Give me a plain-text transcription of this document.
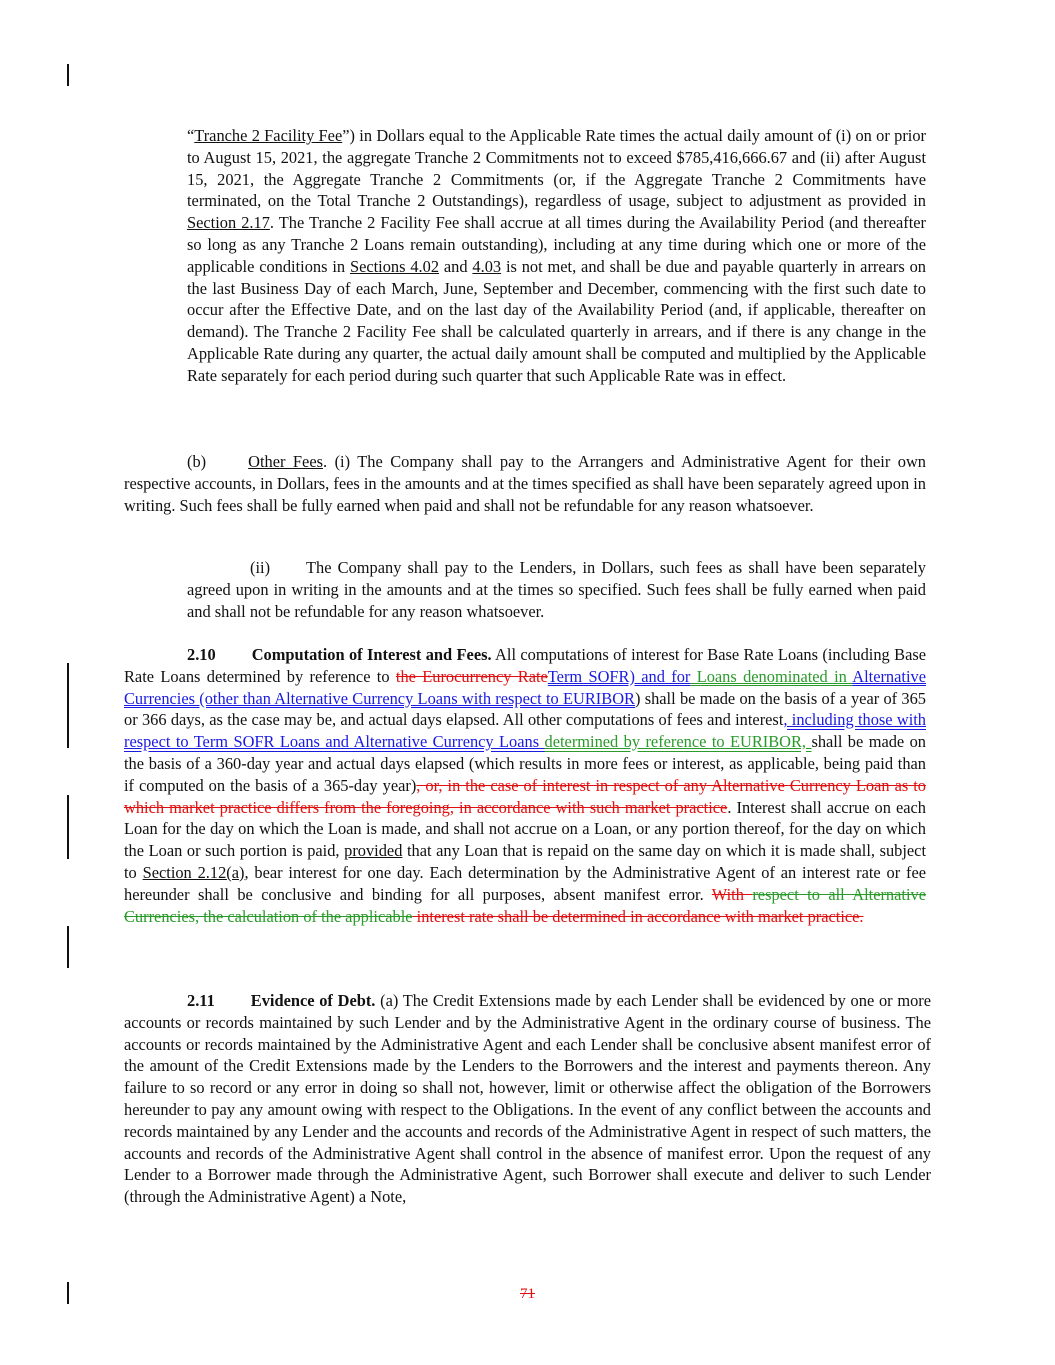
“Tranche 2 Facility Fee”) in Dollars equal to the Applicable Rate times the actual daily amount of (i) on or prior to August 15, 2021, the aggregate Tranche 2 Commitments not to exceed $785,416,666.67 and (ii) after August 15, 2021, the Aggregate Tranche 2 Commitments (or, if the Aggregate Tranche 2 Commitments have terminated, on the Total Tranche 2 Outstandings), regardless of usage, subject to adjustment as provided in Section 2.17. The Tranche 2 Facility Fee shall accrue at all times during the Availability Period (and thereafter so long as any Tranche 2 Loans remain outstanding), including at any time during which one or more of the applicable conditions in Sections 4.02 and 4.03 is not met, and shall be due and payable quarterly in arrears on the last Business Day of each March, June, September and December, commencing with the first such date to occur after the Effective Date, and on the last day of the Availability Period (and, if applicable, thereafter on demand). The Tranche 2 Facility Fee shall be calculated quarterly in arrears, and if there is any change in the Applicable Rate during any quarter, the actual daily amount shall be computed and multiplied by the Applicable Rate separately for each period during such quarter that such Applicable Rate was in effect.

(b)	Other Fees. (i) The Company shall pay to the Arrangers and Administrative Agent for their own respective accounts, in Dollars, fees in the amounts and at the times specified as shall have been separately agreed upon in writing. Such fees shall be fully earned when paid and shall not be refundable for any reason whatsoever.

(ii) The Company shall pay to the Lenders, in Dollars, such fees as shall have been separately agreed upon in writing in the amounts and at the times so specified. Such fees shall be fully earned when paid and shall not be refundable for any reason whatsoever.

2.10 Computation of Interest and Fees. All computations of interest for Base Rate Loans (including Base Rate Loans determined by reference to the Eurocurrency RateTerm SOFR) and for Loans denominated in Alternative Currencies (other than Alternative Currency Loans with respect to EURIBOR) shall be made on the basis of a year of 365 or 366 days, as the case may be, and actual days elapsed. All other computations of fees and interest, including those with respect to Term SOFR Loans and Alternative Currency Loans determined by reference to EURIBOR, shall be made on the basis of a 360-day year and actual days elapsed (which results in more fees or interest, as applicable, being paid than if computed on the basis of a 365-day year), or, in the case of interest in respect of any Alternative Currency Loan as to which market practice differs from the foregoing, in accordance with such market practice. Interest shall accrue on each Loan for the day on which the Loan is made, and shall not accrue on a Loan, or any portion thereof, for the day on which the Loan or such portion is paid, provided that any Loan that is repaid on the same day on which it is made shall, subject to Section 2.12(a), bear interest for one day. Each determination by the Administrative Agent of an interest rate or fee hereunder shall be conclusive and binding for all purposes, absent manifest error. With respect to all Alternative Currencies, the calculation of the applicable interest rate shall be determined in accordance with market practice.

2.11 Evidence of Debt. (a) The Credit Extensions made by each Lender shall be evidenced by one or more accounts or records maintained by such Lender and by the Administrative Agent in the ordinary course of business. The accounts or records maintained by the Administrative Agent and each Lender shall be conclusive absent manifest error of the amount of the Credit Extensions made by the Lenders to the Borrowers and the interest and payments thereon. Any failure to so record or any error in doing so shall not, however, limit or otherwise affect the obligation of the Borrowers hereunder to pay any amount owing with respect to the Obligations. In the event of any conflict between the accounts and records maintained by any Lender and the accounts and records of the Administrative Agent in respect of such matters, the accounts and records of the Administrative Agent shall control in the absence of manifest error. Upon the request of any Lender to a Borrower made through the Administrative Agent, such Borrower shall execute and deliver to such Lender (through the Administrative Agent) a Note,

71
